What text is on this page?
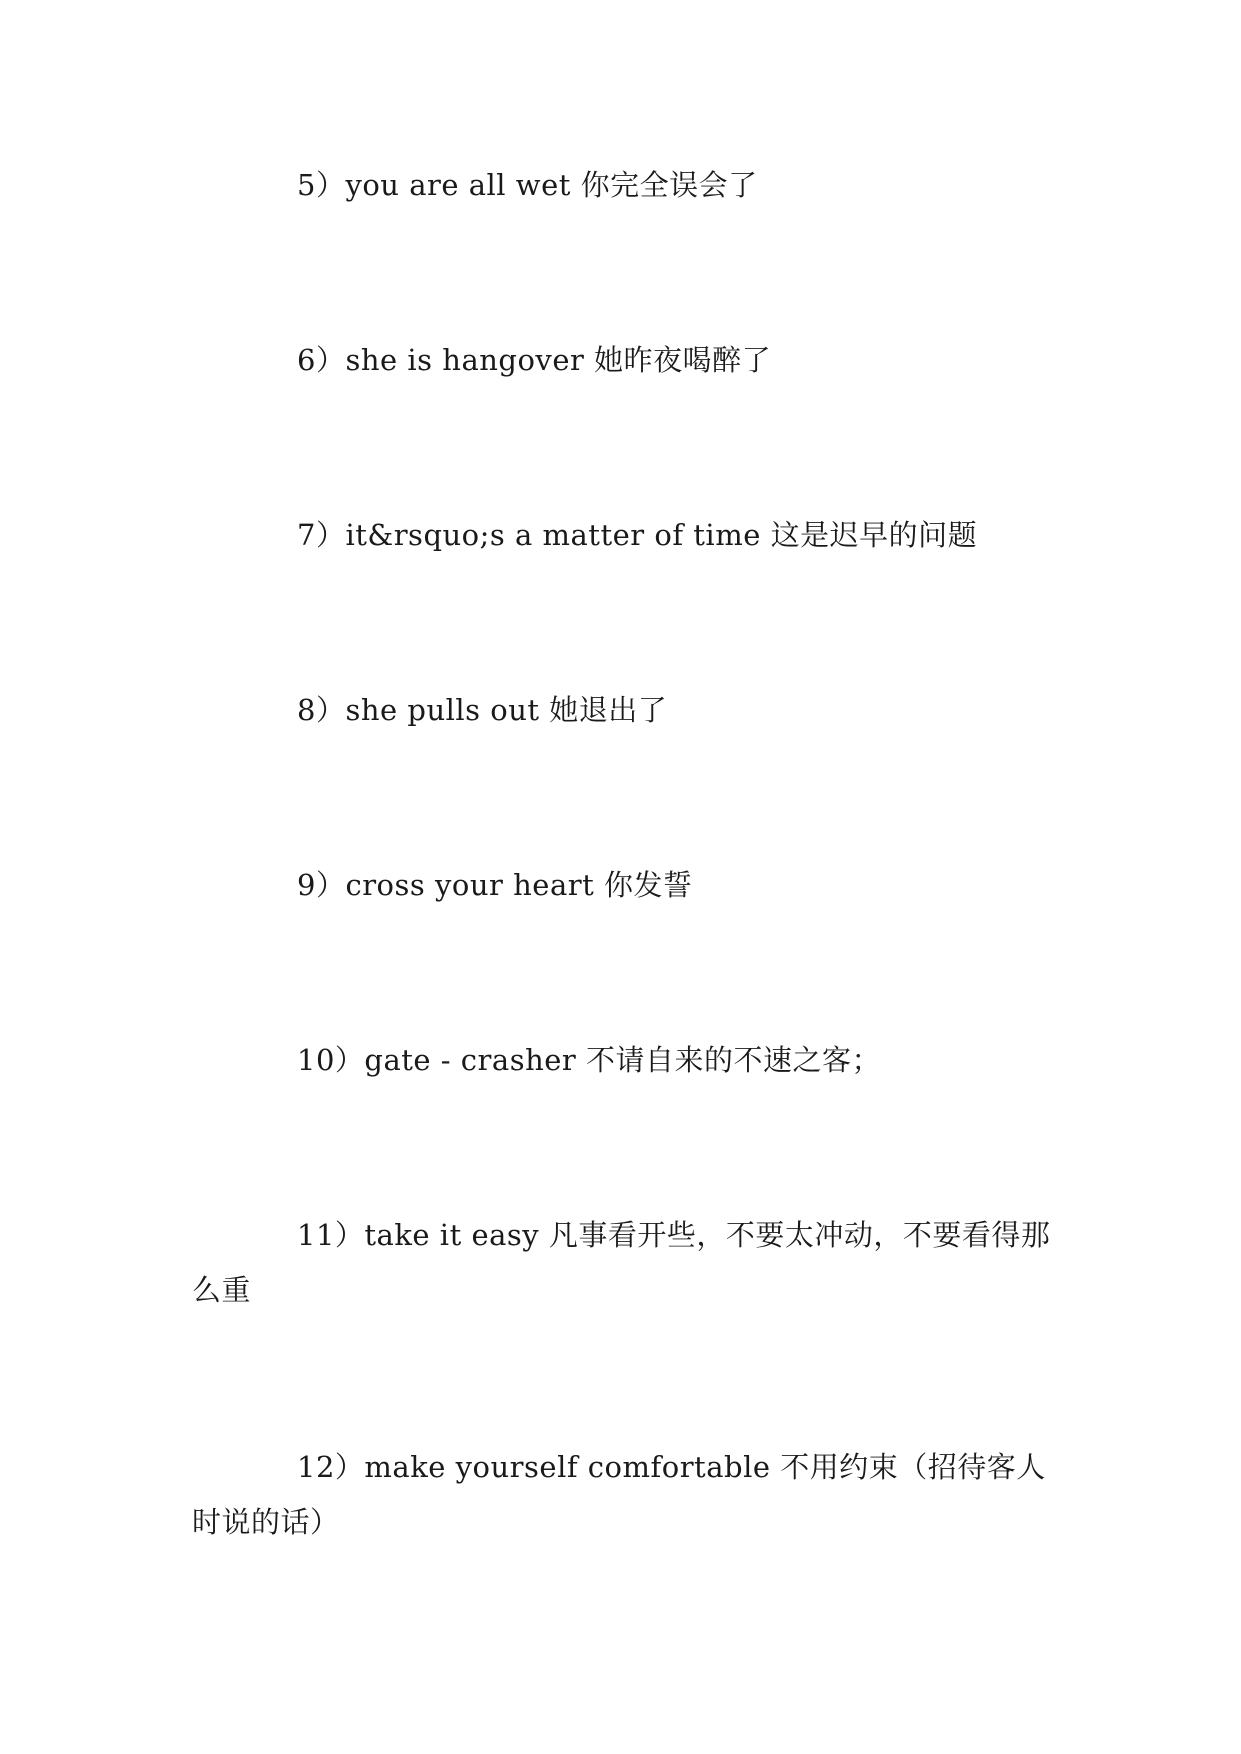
5）you are all wet 你完全误会了

6）she is hangover 她昨夜喝醉了

7）it&rsquo;s a matter of time 这是迟早的问题

8）she pulls out 她退出了

9）cross your heart 你发誓

10）gate - crasher 不请自来的不速之客；

11）take it easy 凡事看开些，不要太冲动，不要看得那么重

12）make yourself comfortable 不用约束（招待客人时说的话）
